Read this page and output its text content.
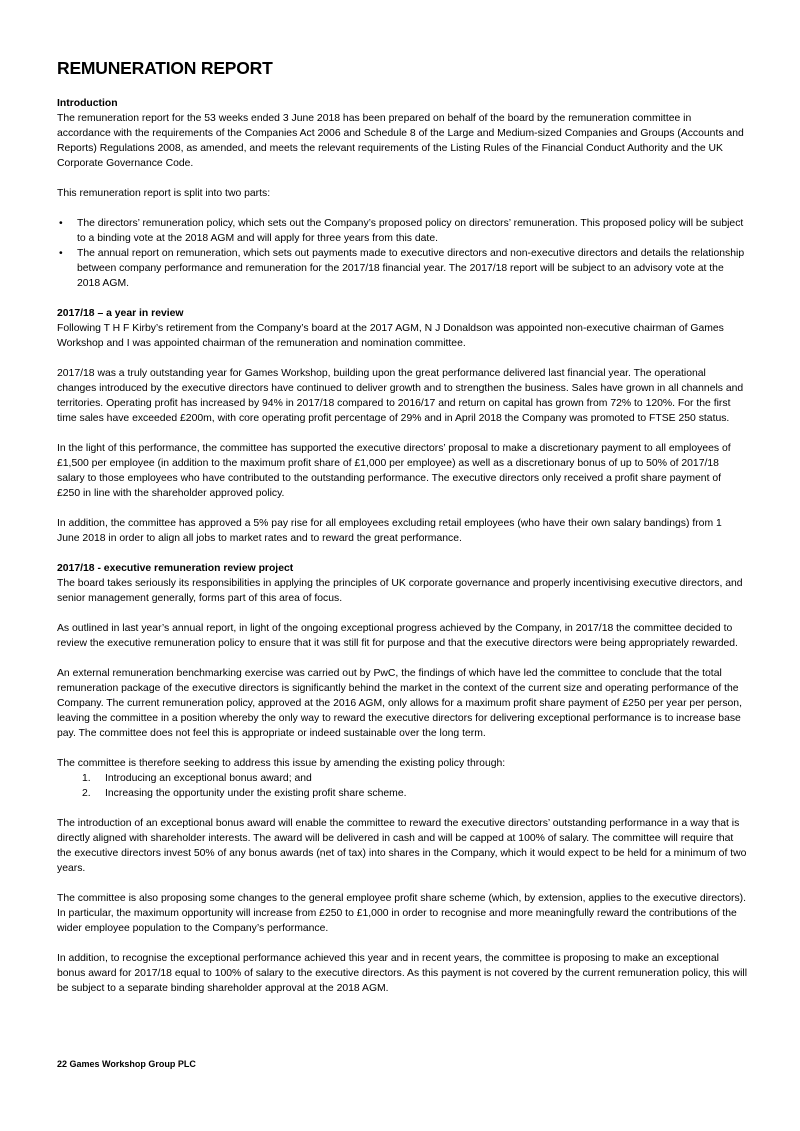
REMUNERATION REPORT
Introduction

The remuneration report for the 53 weeks ended 3 June 2018 has been prepared on behalf of the board by the remuneration committee in accordance with the requirements of the Companies Act 2006 and Schedule 8 of the Large and Medium-sized Companies and Groups (Accounts and Reports) Regulations 2008, as amended, and meets the relevant requirements of the Listing Rules of the Financial Conduct Authority and the UK Corporate Governance Code.

This remuneration report is split into two parts:

• The directors’ remuneration policy, which sets out the Company’s proposed policy on directors’ remuneration. This proposed policy will be subject to a binding vote at the 2018 AGM and will apply for three years from this date.
• The annual report on remuneration, which sets out payments made to executive directors and non-executive directors and details the relationship between company performance and remuneration for the 2017/18 financial year. The 2017/18 report will be subject to an advisory vote at the 2018 AGM.
2017/18 – a year in review

Following T H F Kirby’s retirement from the Company’s board at the 2017 AGM, N J Donaldson was appointed non-executive chairman of Games Workshop and I was appointed chairman of the remuneration and nomination committee.

2017/18 was a truly outstanding year for Games Workshop, building upon the great performance delivered last financial year. The operational changes introduced by the executive directors have continued to deliver growth and to strengthen the business. Sales have grown in all channels and territories. Operating profit has increased by 94% in 2017/18 compared to 2016/17 and return on capital has grown from 72% to 120%. For the first time sales have exceeded £200m, with core operating profit percentage of 29% and in April 2018 the Company was promoted to FTSE 250 status.

In the light of this performance, the committee has supported the executive directors’ proposal to make a discretionary payment to all employees of £1,500 per employee (in addition to the maximum profit share of £1,000 per employee) as well as a discretionary bonus of up to 50% of 2017/18 salary to those employees who have contributed to the outstanding performance. The executive directors only received a profit share payment of £250 in line with the shareholder approved policy.

In addition, the committee has approved a 5% pay rise for all employees excluding retail employees (who have their own salary bandings) from 1 June 2018 in order to align all jobs to market rates and to reward the great performance.

2017/18 - executive remuneration review project

The board takes seriously its responsibilities in applying the principles of UK corporate governance and properly incentivising executive directors, and senior management generally, forms part of this area of focus.

As outlined in last year’s annual report, in light of the ongoing exceptional progress achieved by the Company, in 2017/18 the committee decided to review the executive remuneration policy to ensure that it was still fit for purpose and that the executive directors were being appropriately rewarded.

An external remuneration benchmarking exercise was carried out by PwC, the findings of which have led the committee to conclude that the total remuneration package of the executive directors is significantly behind the market in the context of the current size and operating performance of the Company. The current remuneration policy, approved at the 2016 AGM, only allows for a maximum profit share payment of £250 per year per person, leaving the committee in a position whereby the only way to reward the executive directors for delivering exceptional performance is to increase base pay. The committee does not feel this is appropriate or indeed sustainable over the long term.

The committee is therefore seeking to address this issue by amending the existing policy through:

1. Introducing an exceptional bonus award; and
2. Increasing the opportunity under the existing profit share scheme.

The introduction of an exceptional bonus award will enable the committee to reward the executive directors’ outstanding performance in a way that is directly aligned with shareholder interests. The award will be delivered in cash and will be capped at 100% of salary. The committee will require that the executive directors invest 50% of any bonus awards (net of tax) into shares in the Company, which it would expect to be held for a minimum of two years.

The committee is also proposing some changes to the general employee profit share scheme (which, by extension, applies to the executive directors). In particular, the maximum opportunity will increase from £250 to £1,000 in order to recognise and more meaningfully reward the contributions of the wider employee population to the Company’s performance.

In addition, to recognise the exceptional performance achieved this year and in recent years, the committee is proposing to make an exceptional bonus award for 2017/18 equal to 100% of salary to the executive directors. As this payment is not covered by the current remuneration policy, this will be subject to a separate binding shareholder approval at the 2018 AGM.

22 Games Workshop Group PLC
